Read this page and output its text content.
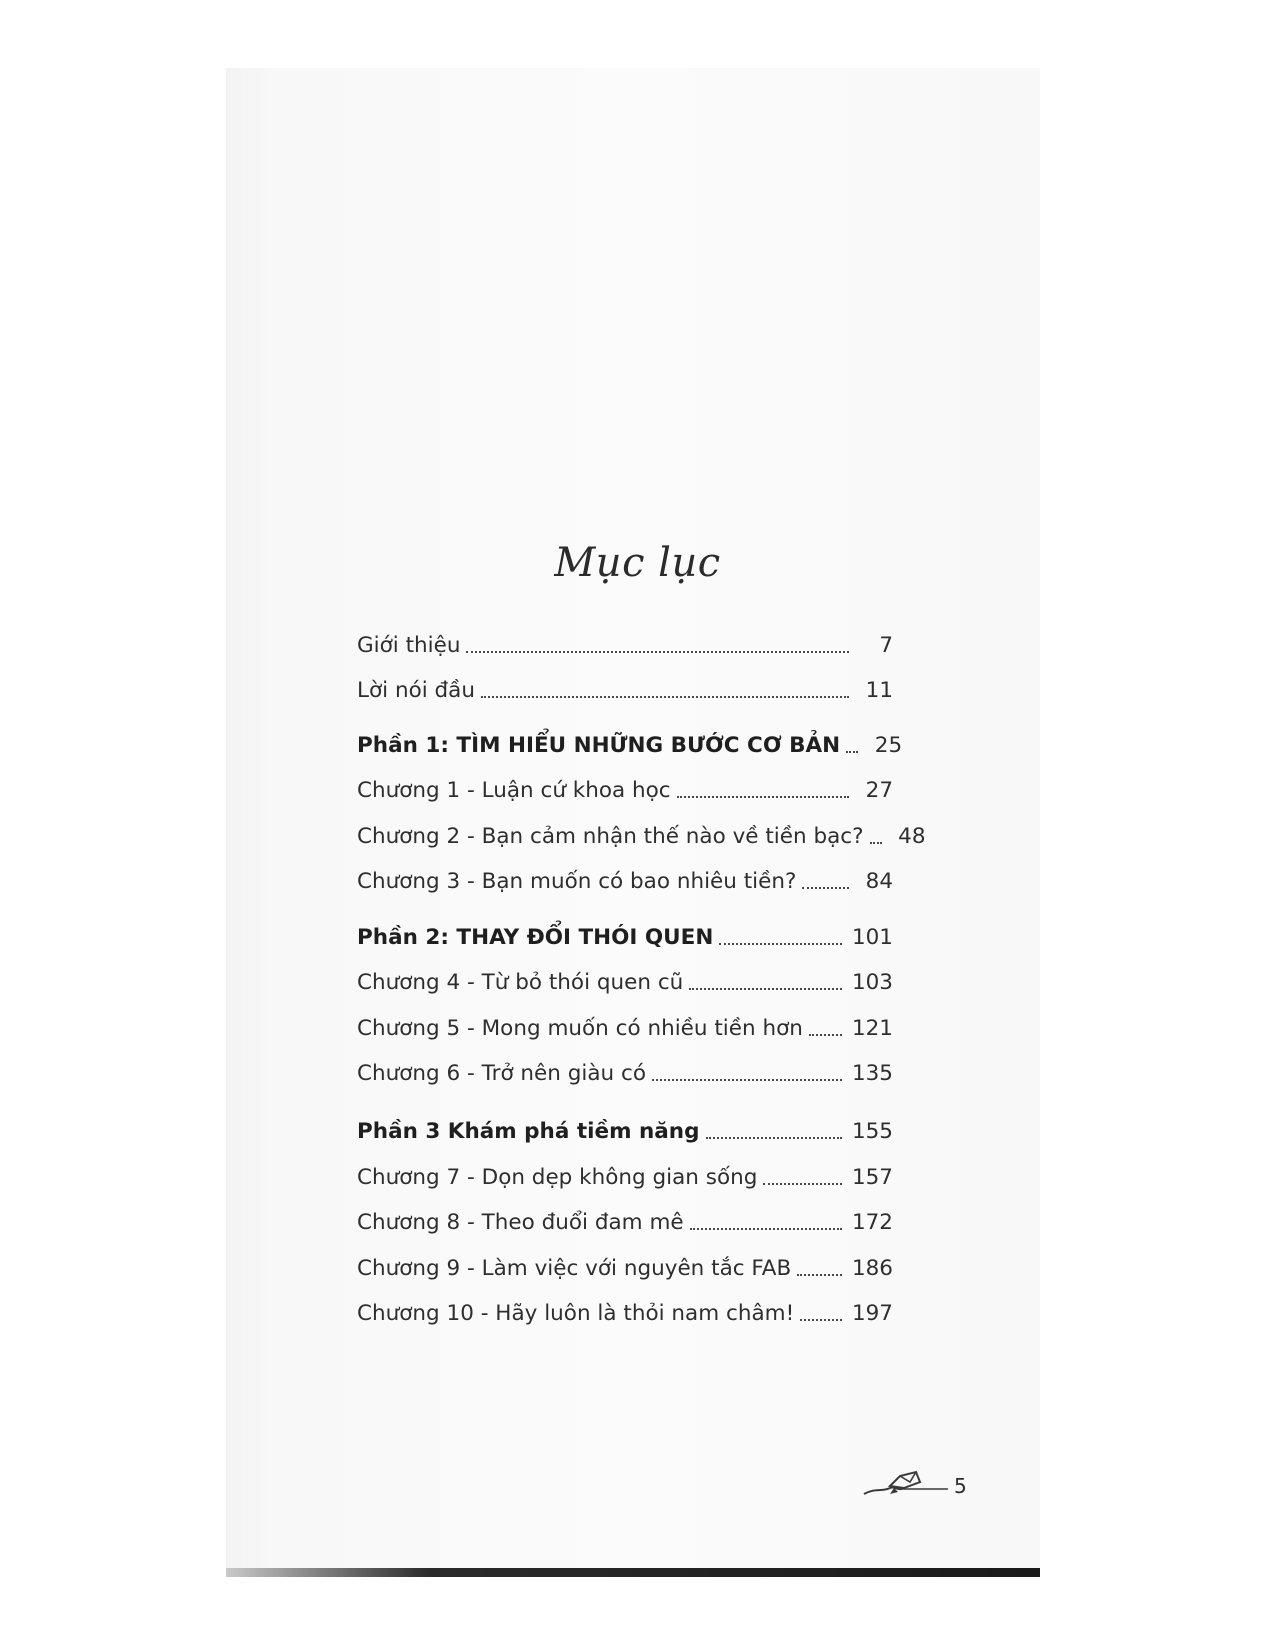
Mục lục
Giới thiệu	7
Lời nói đầu	11
Phần 1: TÌM HIỂU NHỮNG BƯỚC CƠ BẢN	25
Chương 1 - Luận cứ khoa học	27
Chương 2 - Bạn cảm nhận thế nào về tiền bạc?	48
Chương 3 - Bạn muốn có bao nhiêu tiền?	84
Phần 2: THAY ĐỔI THÓI QUEN	101
Chương 4 - Từ bỏ thói quen cũ	103
Chương 5 - Mong muốn có nhiều tiền hơn 121
Chương 6 - Trở nên giàu có	135
Phần 3 Khám phá tiềm năng	155
Chương 7 - Dọn dẹp không gian sống	157
Chương 8 - Theo đuổi đam mê	172
Chương 9 - Làm việc với nguyên tắc FAB	186
Chương 10 - Hãy luôn là thỏi nam châm!	197
5
